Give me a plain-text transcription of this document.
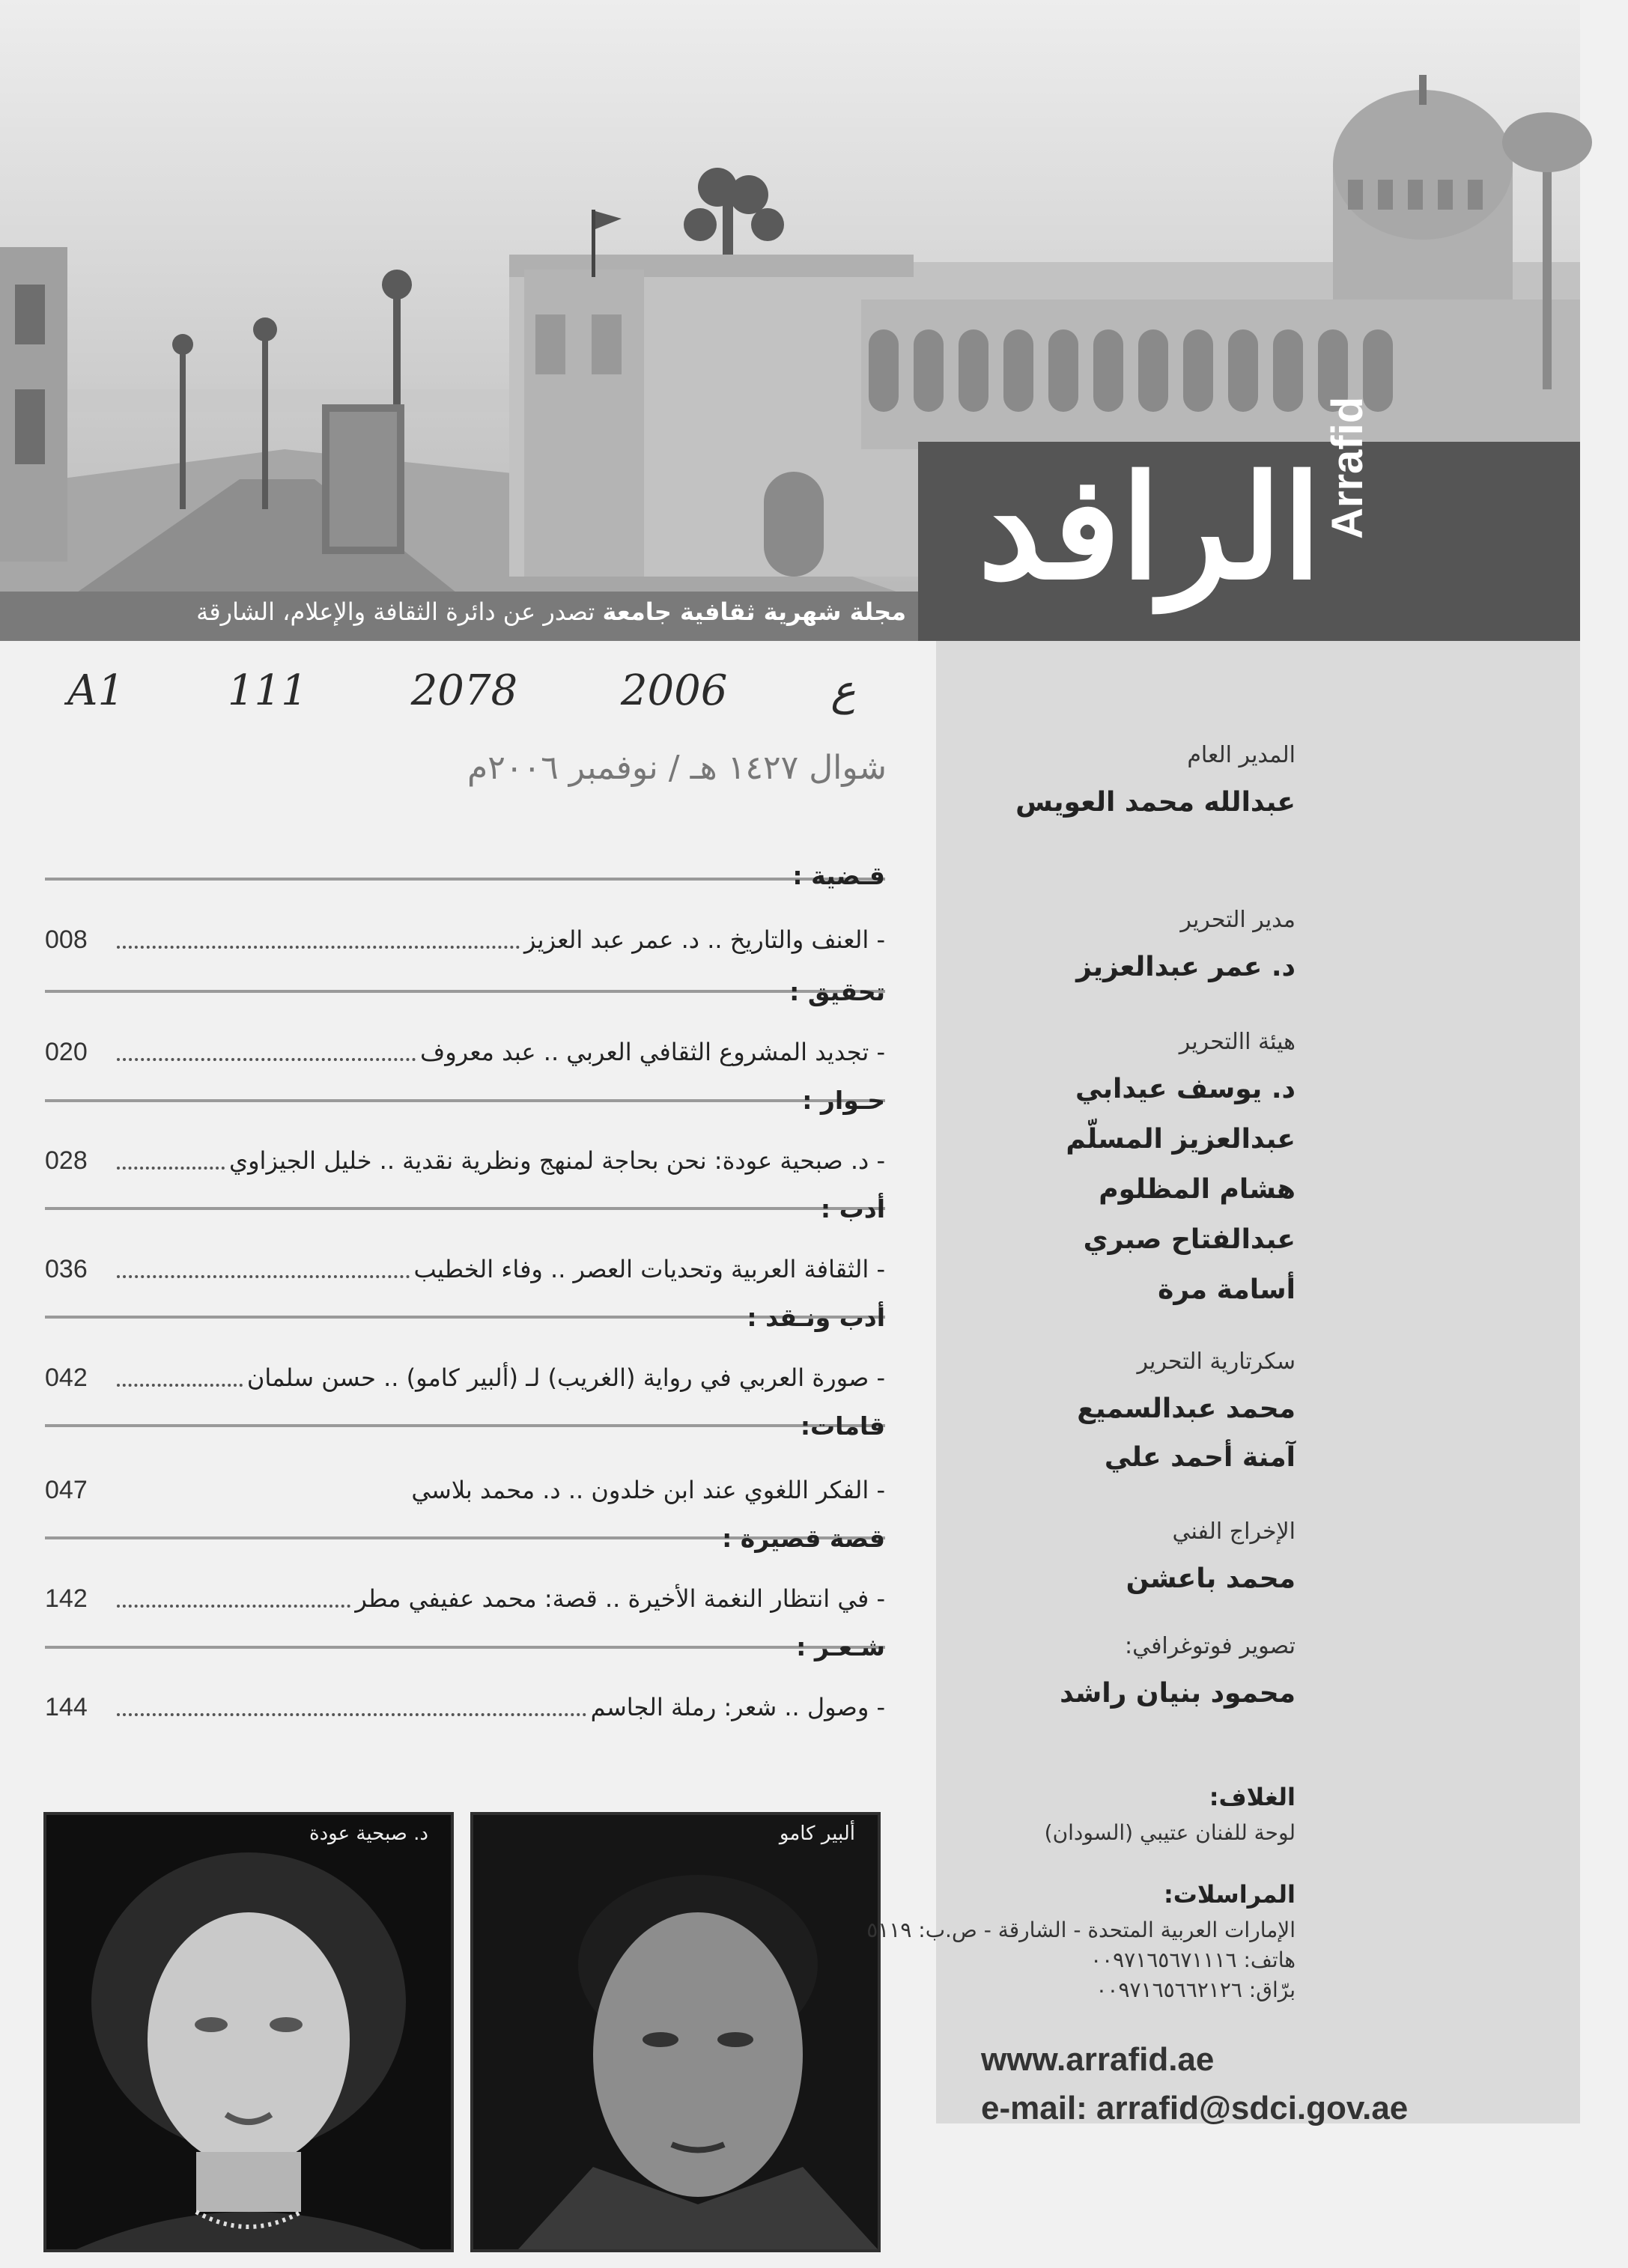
الرافد Arrafid
مجلة شهرية ثقافية جامعة تصدر عن دائرة الثقافة والإعلام، الشارقة
A1 111	ع 2006 2078
شوال ١٤٢٧ هـ / نوفمبر ٢٠٠٦م
قـضية :
008	- العنف والتاريخ .. د. عمر عبد العزيز
تحقيق :
020	- تجديد المشروع الثقافي العربي .. عبد معروف
حـوار :
028	- د. صبحية عودة: نحن بحاجة لمنهج ونظرية نقدية .. خليل الجيزاوي
أدب :
036	- الثقافة العربية وتحديات العصر .. وفاء الخطيب
أدب ونـقد :
042	- صورة العربي في رواية (الغريب) لـ (ألبير كامو) .. حسن سلمان
قامات:
047	- الفكر اللغوي عند ابن خلدون .. د. محمد بلاسي
قصة قصيرة :
142	- في انتظار النغمة الأخيرة .. قصة: محمد عفيفي مطر
شـعـر :
144	- وصول .. شعر: رملة الجاسم
د. صبحية عودة	ألبير كامو
المدير العام
عبدالله محمد العويس
مدير التحرير
د. عمر عبدالعزيز
هيئة االتحرير
د. يوسف عيدابي
عبدالعزيز المسلّم
هشام المظلوم
عبدالفتاح صبري
أسامة مرة
سكرتارية التحرير
محمد عبدالسميع
آمنة أحمد علي
الإخراج الفني
محمد باعشن
تصوير فوتوغرافي:
محمود بنيان راشد
الغلاف:
لوحة للفنان عتيبي (السودان)
المراسلات:
الإمارات العربية المتحدة - الشارقة - ص.ب: ٥١١٩
هاتف: ٠٠٩٧١٦٥٦٧١١١٦
برّاق: ٠٠٩٧١٦٥٦٦٢١٢٦
www.arrafid.ae
e-mail: arrafid@sdci.gov.ae
